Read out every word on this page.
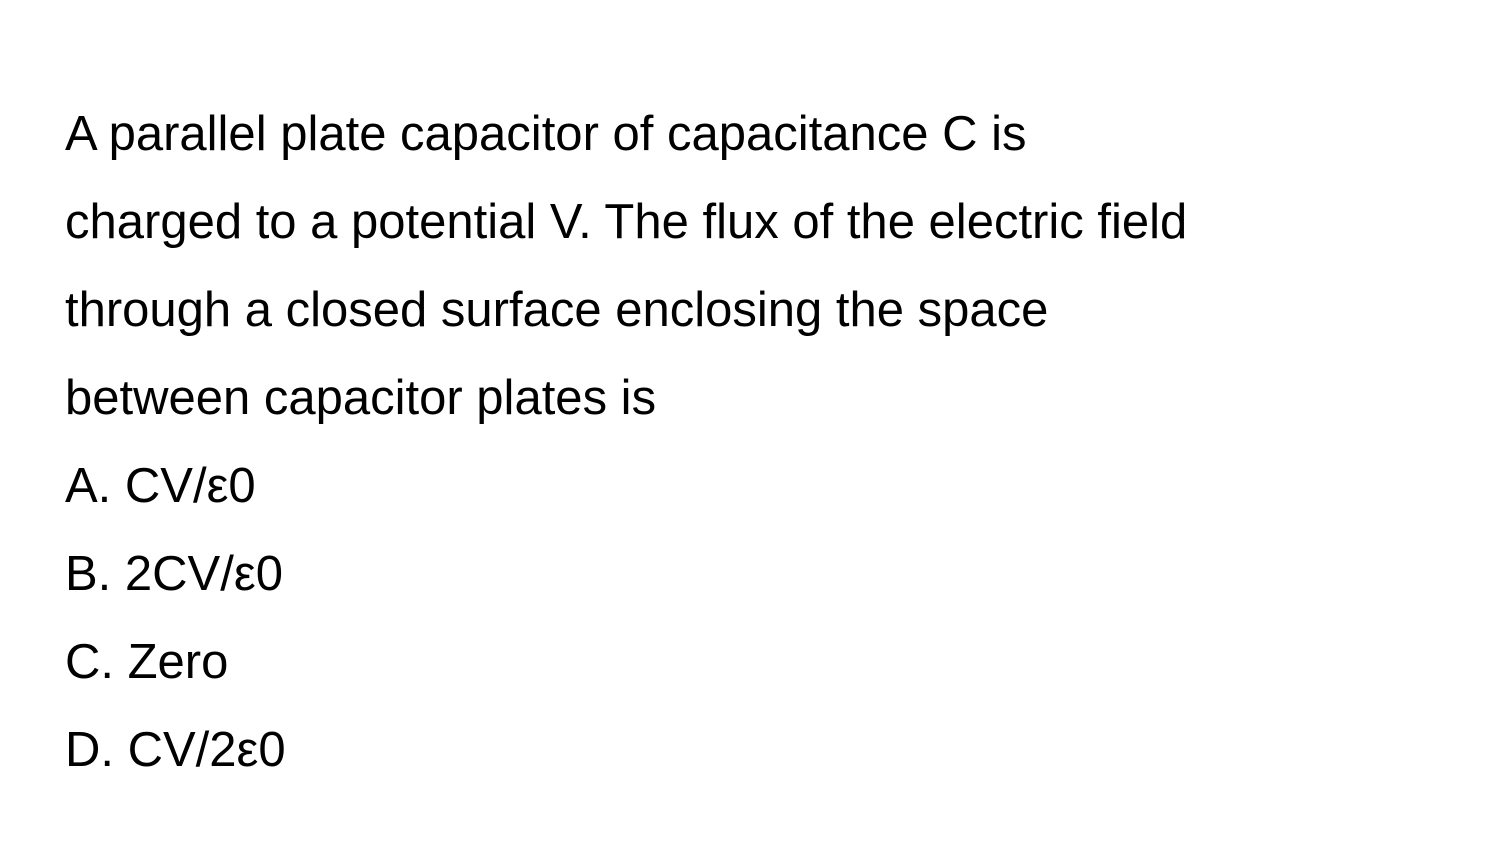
A parallel plate capacitor of capacitance C is
charged to a potential V. The flux of the electric field
through a closed surface enclosing the space
between capacitor plates is
A. CV/ε0
B. 2CV/ε0
C. Zero
D. CV/2ε0
